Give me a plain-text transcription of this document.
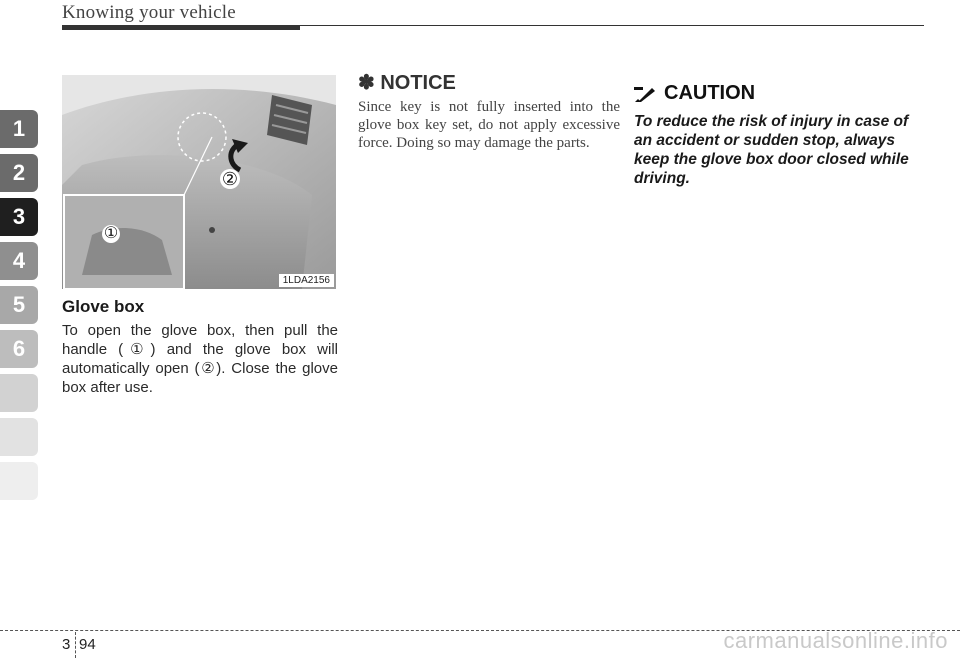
Knowing your vehicle
1
2
3
4
5
6
②
①
1LDA2156
Glove box
To open the glove box, then pull the handle (①) and the glove box will automatically open (②). Close the glove box after use.
✽ NOTICE
Since key is not fully inserted into the glove box key set, do not apply excessive force. Doing so may damage the parts.
CAUTION
To reduce the risk of injury in case of an accident or sudden stop, always keep the glove box door closed while driving.
3 94	carmanualsonline.info
